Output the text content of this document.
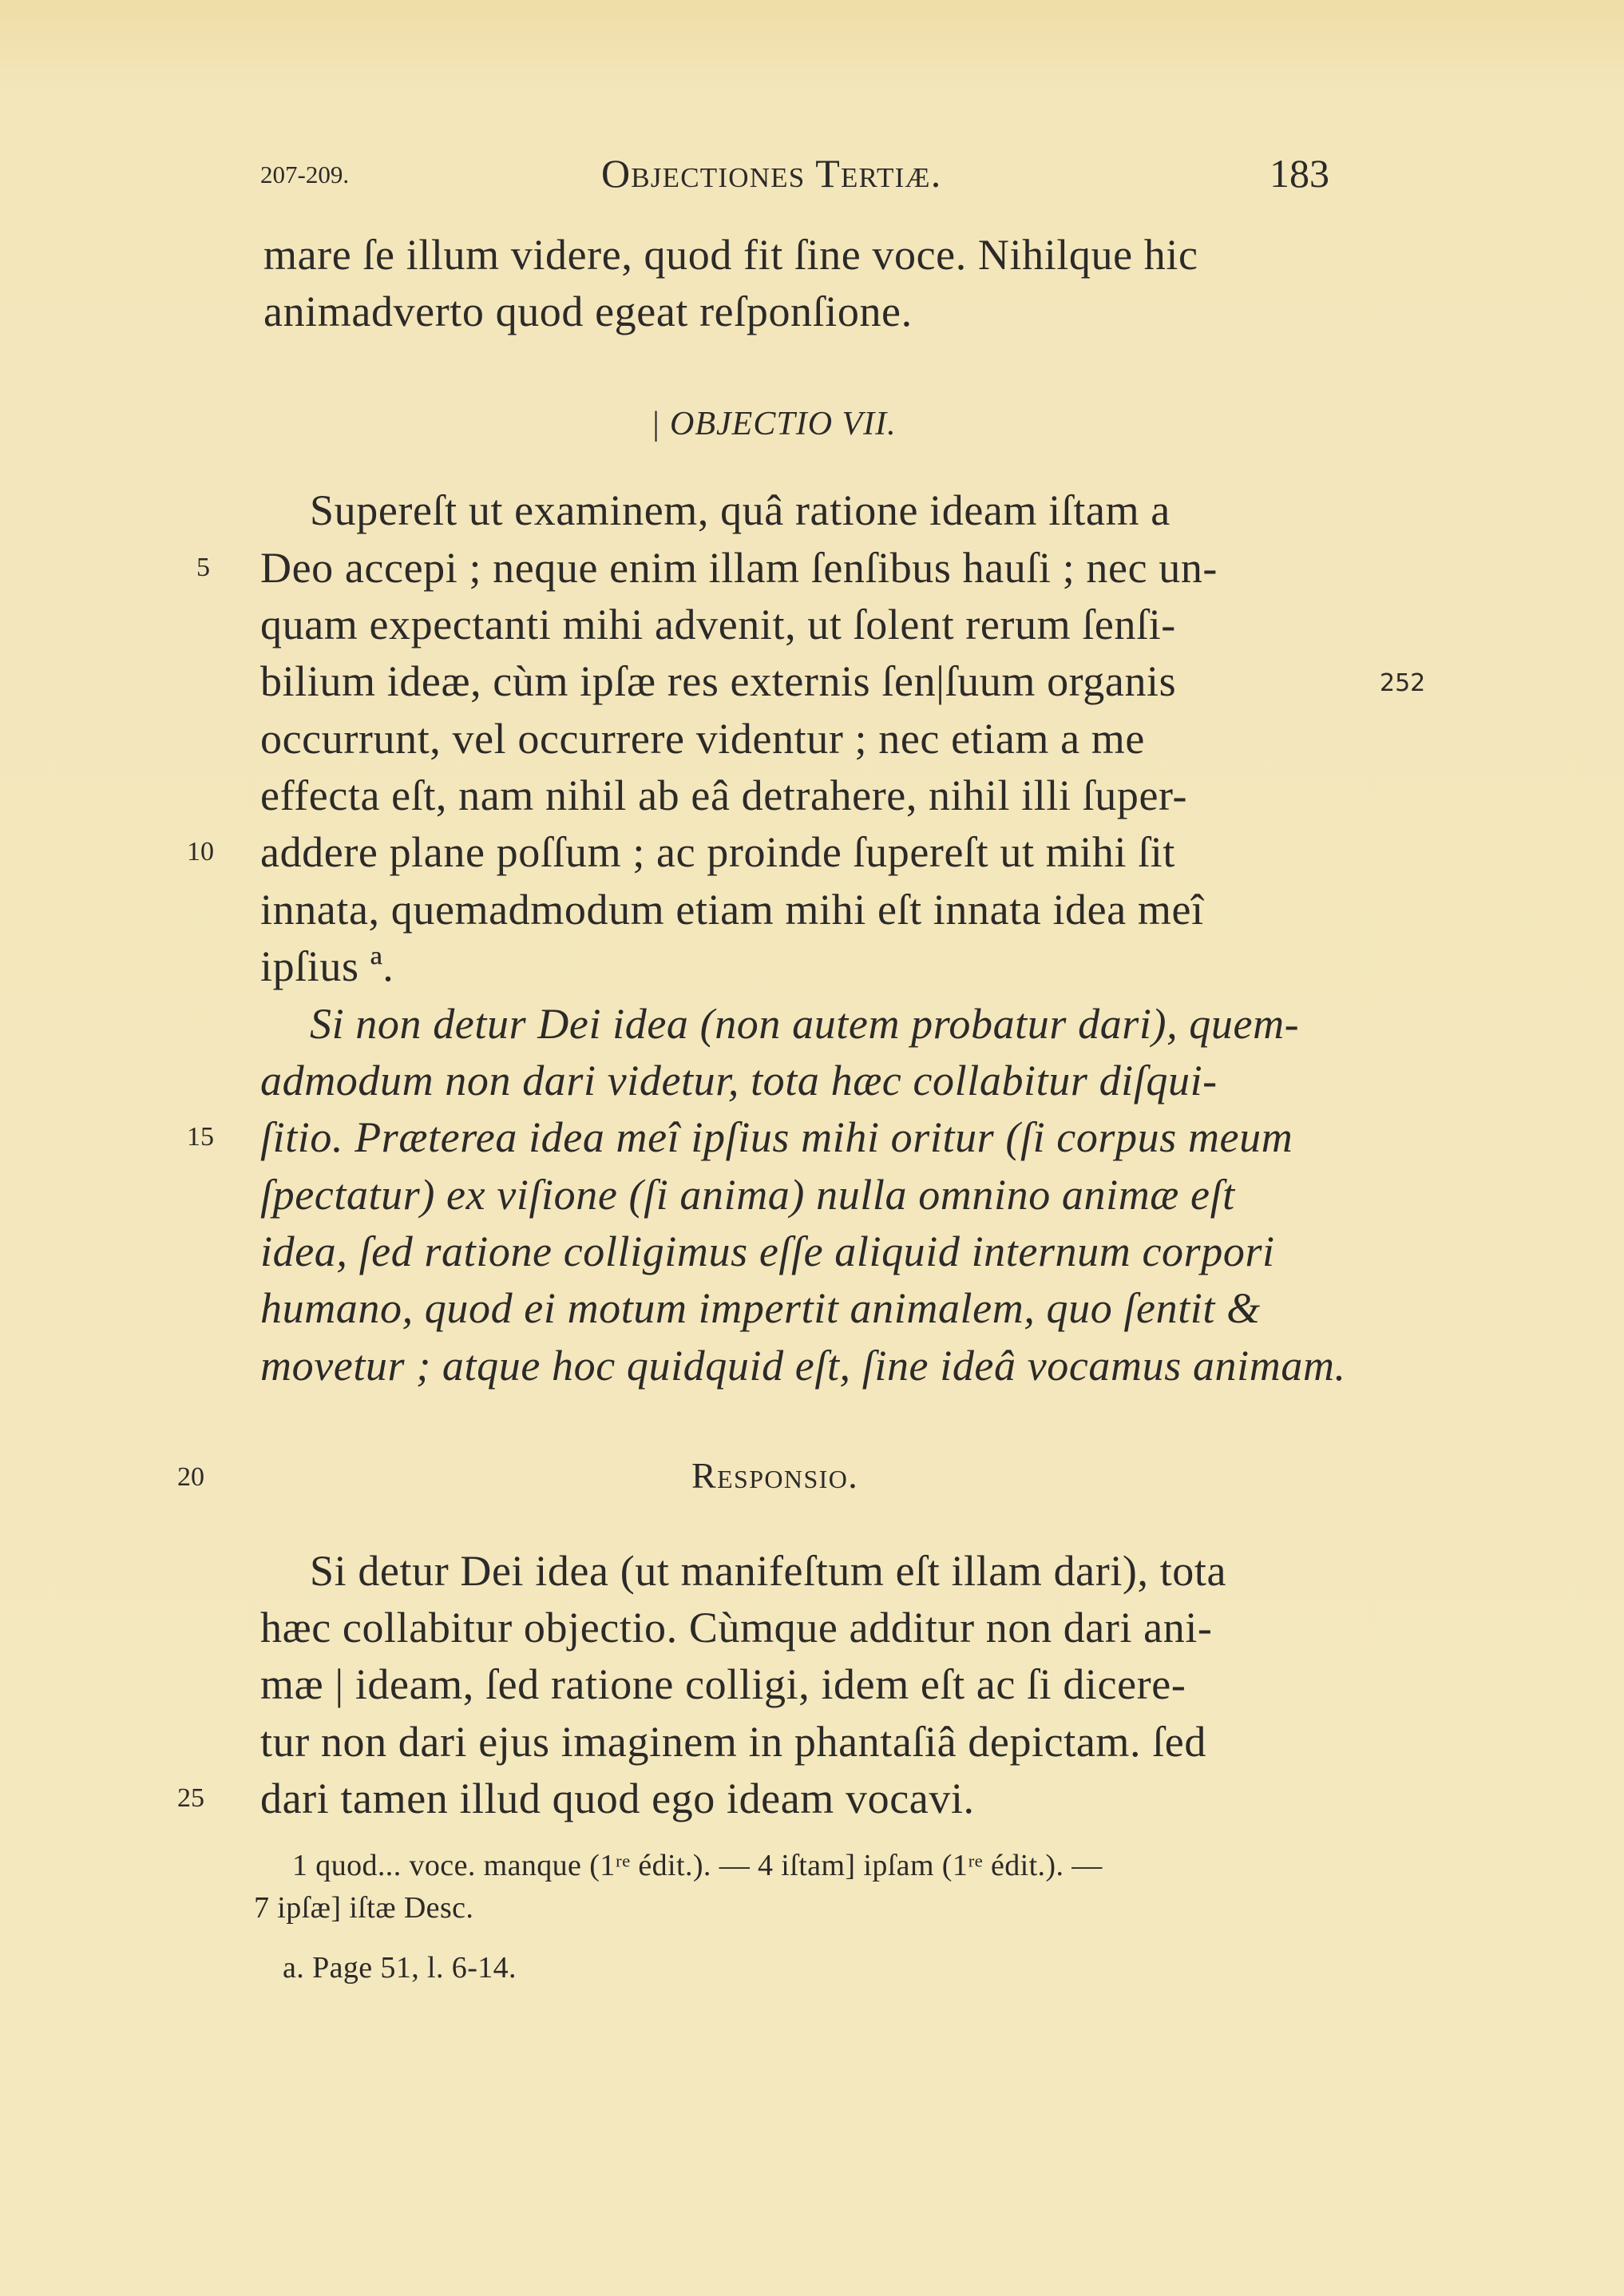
207-209.	Objectiones Tertiæ.	183
mare ſe illum videre, quod fit ſine voce. Nihilque hic
animadverto quod egeat reſponſione.
| OBJECTIO VII.
Supereſt ut examinem, quâ ratione ideam iſtam a
Deo accepi ; neque enim illam ſenſibus hauſi ; nec un-
quam expectanti mihi advenit, ut ſolent rerum ſenſi-
bilium ideæ, cùm ipſæ res externis ſen|ſuum organis
occurrunt, vel occurrere videntur ; nec etiam a me
effecta eſt, nam nihil ab eâ detrahere, nihil illi ſuper-
addere plane poſſum ; ac proinde ſupereſt ut mihi ſit
innata, quemadmodum etiam mihi eſt innata idea meî
ipſius ª.
Si non detur Dei idea (non autem probatur dari), quem-
admodum non dari videtur, tota hæc collabitur diſqui-
ſitio. Præterea idea meî ipſius mihi oritur (ſi corpus meum
ſpectatur) ex viſione (ſi anima) nulla omnino animæ eſt
idea, ſed ratione colligimus eſſe aliquid internum corpori
humano, quod ei motum impertit animalem, quo ſentit &
movetur ; atque hoc quidquid eſt, ſine ideâ vocamus animam.
Responsio.
Si detur Dei idea (ut manifeſtum eſt illam dari), tota
hæc collabitur objectio. Cùmque additur non dari ani-
mæ | ideam, ſed ratione colligi, idem eſt ac ſi dicere-
tur non dari ejus imaginem in phantaſiâ depictam. ſed
dari tamen illud quod ego ideam vocavi.
5
10
15
20
25
252
1 quod... voce. manque (1ʳᵉ édit.). — 4 iſtam] ipſam (1ʳᵉ édit.). —
7 ipſæ] iſtæ Desc.
a. Page 51, l. 6-14.
